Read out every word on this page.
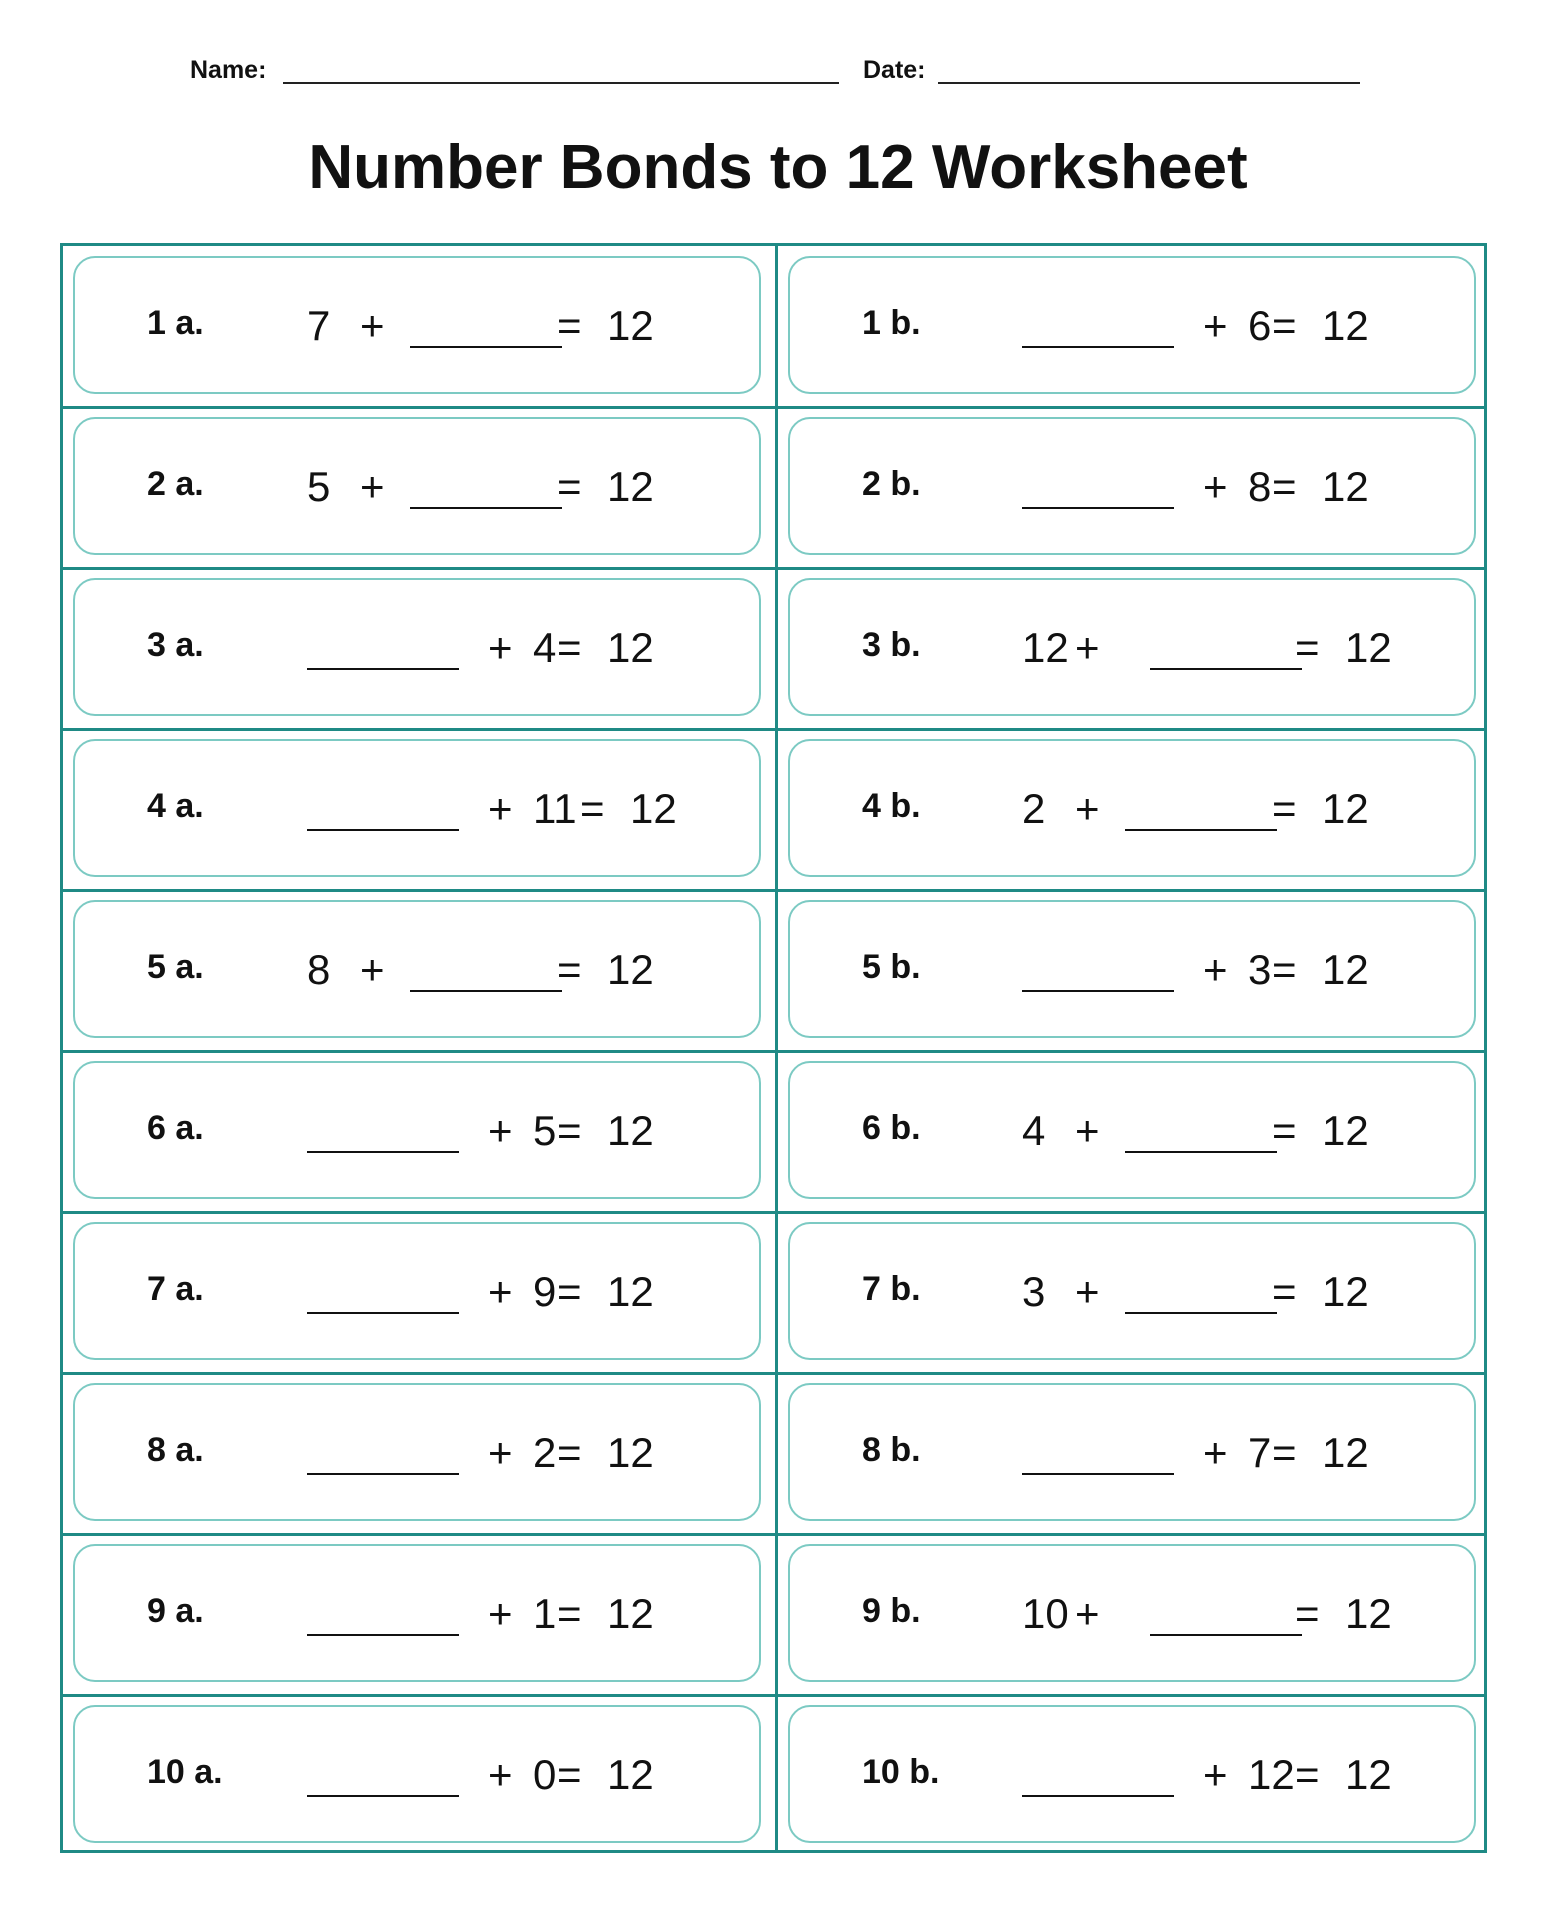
Name:	Date:
Number Bonds to 12 Worksheet
1 a. 7 +	= 12	1 b.	+ 6 = 12
2 a. 5 +	= 12	2 b.	+ 8 = 12
3 a.	+ 4 = 12	3 b. 12 +	= 12
4 a.	+ 11 = 12	4 b. 2 +	= 12
5 a. 8 +	= 12	5 b.	+ 3 = 12
6 a.	+ 5 = 12	6 b. 4 +	= 12
7 a.	+ 9 = 12	7 b. 3 +	= 12
8 a.	+ 2 = 12	8 b.	+ 7 = 12
9 a.	+ 1 = 12	9 b. 10 +	= 12
10 a.	+ 0 = 12	10 b.	+ 12 = 12
